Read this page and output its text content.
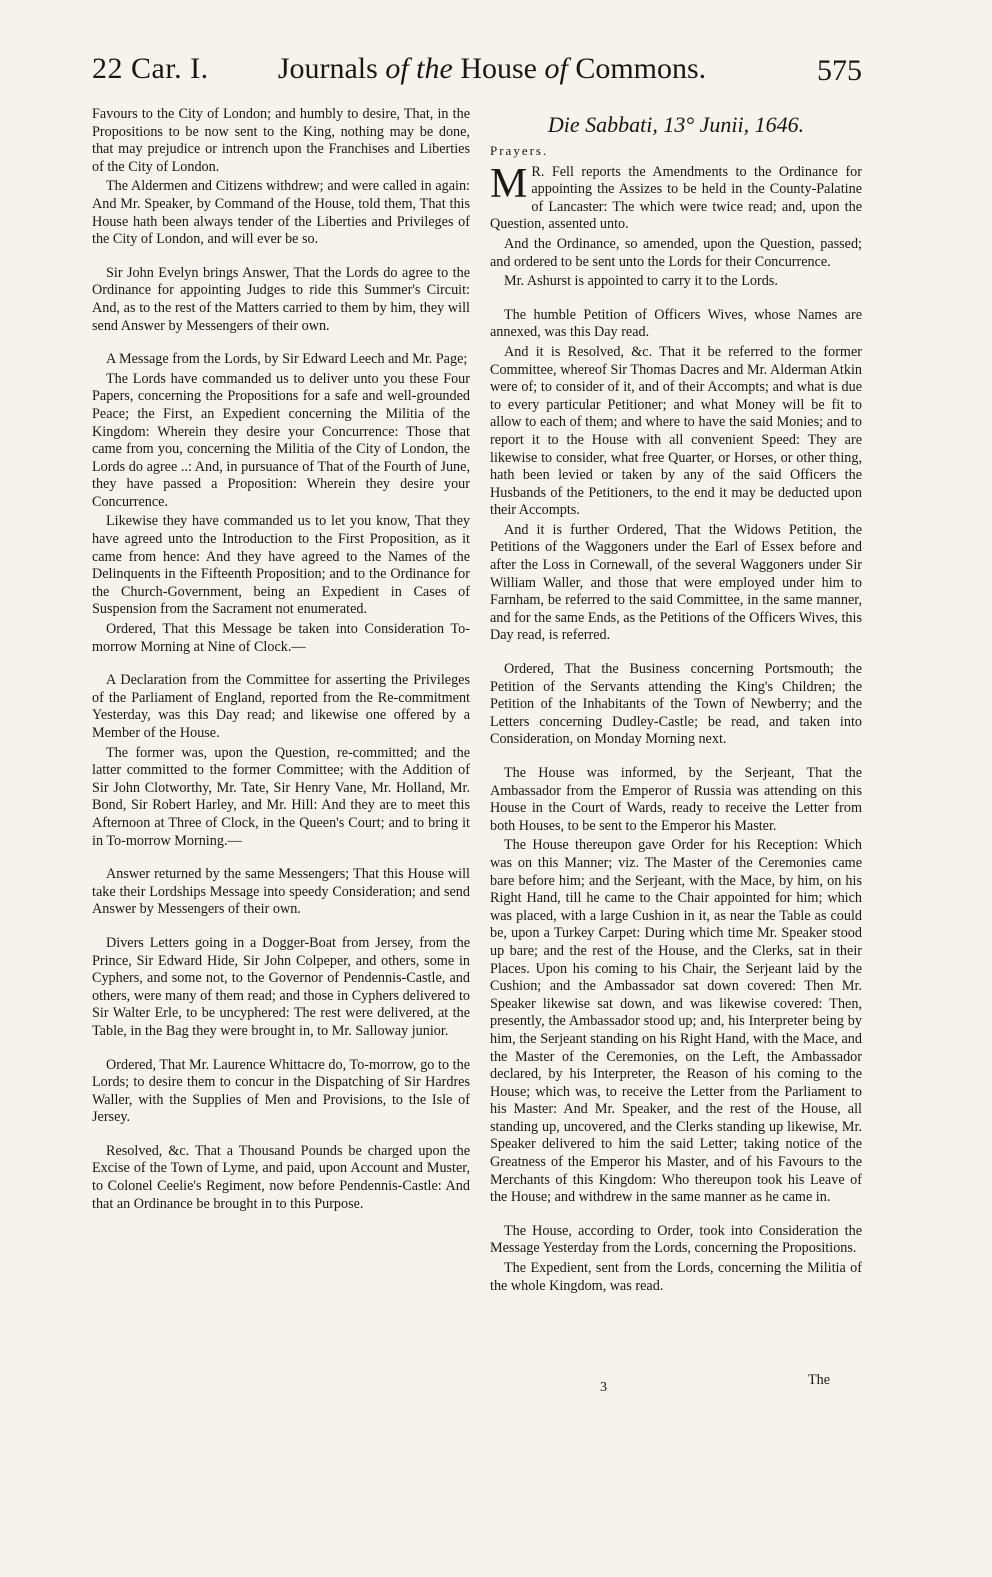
22 Car. I.	Journals of the House of Commons.	575

Favours to the City of London; and humbly to desire, That, in the Propositions to be now sent to the King, nothing may be done, that may prejudice or intrench upon the Franchises and Liberties of the City of London.

The Aldermen and Citizens withdrew; and were called in again: And Mr. Speaker, by Command of the House, told them, That this House hath been always tender of the Liberties and Privileges of the City of London, and will ever be so.

Sir John Evelyn brings Answer, That the Lords do agree to the Ordinance for appointing Judges to ride this Summer's Circuit: And, as to the rest of the Matters carried to them by him, they will send Answer by Messengers of their own.

A Message from the Lords, by Sir Edward Leech and Mr. Page;

The Lords have commanded us to deliver unto you these Four Papers, concerning the Propositions for a safe and well-grounded Peace; the First, an Expedient concerning the Militia of the Kingdom: Wherein they desire your Concurrence: Those that came from you, concerning the Militia of the City of London, the Lords do agree ..: And, in pursuance of That of the Fourth of June, they have passed a Proposition: Wherein they desire your Concurrence.

Likewise they have commanded us to let you know, That they have agreed unto the Introduction to the First Proposition, as it came from hence: And they have agreed to the Names of the Delinquents in the Fifteenth Proposition; and to the Ordinance for the Church-Government, being an Expedient in Cases of Suspension from the Sacrament not enumerated.

Ordered, That this Message be taken into Consideration To-morrow Morning at Nine of Clock.—

A Declaration from the Committee for asserting the Privileges of the Parliament of England, reported from the Re-commitment Yesterday, was this Day read; and likewise one offered by a Member of the House.

The former was, upon the Question, re-committed; and the latter committed to the former Committee; with the Addition of Sir John Clotworthy, Mr. Tate, Sir Henry Vane, Mr. Holland, Mr. Bond, Sir Robert Harley, and Mr. Hill: And they are to meet this Afternoon at Three of Clock, in the Queen's Court; and to bring it in To-morrow Morning.—

Answer returned by the same Messengers; That this House will take their Lordships Message into speedy Consideration; and send Answer by Messengers of their own.

Divers Letters going in a Dogger-Boat from Jersey, from the Prince, Sir Edward Hide, Sir John Colpeper, and others, some in Cyphers, and some not, to the Governor of Pendennis-Castle, and others, were many of them read; and those in Cyphers delivered to Sir Walter Erle, to be uncyphered: The rest were delivered, at the Table, in the Bag they were brought in, to Mr. Salloway junior.

Ordered, That Mr. Laurence Whittacre do, To-morrow, go to the Lords; to desire them to concur in the Dispatching of Sir Hardres Waller, with the Supplies of Men and Provisions, to the Isle of Jersey.

Resolved, &c. That a Thousand Pounds be charged upon the Excise of the Town of Lyme, and paid, upon Account and Muster, to Colonel Ceelie's Regiment, now before Pendennis-Castle: And that an Ordinance be brought in to this Purpose.

Die Sabbati, 13° Junii, 1646.
Prayers.

M R. Fell reports the Amendments to the Ordinance for appointing the Assizes to be held in the County-Palatine of Lancaster: The which were twice read; and, upon the Question, assented unto.

And the Ordinance, so amended, upon the Question, passed; and ordered to be sent unto the Lords for their Concurrence.

Mr. Ashurst is appointed to carry it to the Lords.

The humble Petition of Officers Wives, whose Names are annexed, was this Day read.

And it is Resolved, &c. That it be referred to the former Committee, whereof Sir Thomas Dacres and Mr. Alderman Atkin were of; to consider of it, and of their Accompts; and what is due to every particular Petitioner; and what Money will be fit to allow to each of them; and where to have the said Monies; and to report it to the House with all convenient Speed: They are likewise to consider, what free Quarter, or Horses, or other thing, hath been levied or taken by any of the said Officers the Husbands of the Petitioners, to the end it may be deducted upon their Accompts.

And it is further Ordered, That the Widows Petition, the Petitions of the Waggoners under the Earl of Essex before and after the Loss in Cornewall, of the several Waggoners under Sir William Waller, and those that were employed under him to Farnham, be referred to the said Committee, in the same manner, and for the same Ends, as the Petitions of the Officers Wives, this Day read, is referred.

Ordered, That the Business concerning Portsmouth; the Petition of the Servants attending the King's Children; the Petition of the Inhabitants of the Town of Newberry; and the Letters concerning Dudley-Castle; be read, and taken into Consideration, on Monday Morning next.

The House was informed, by the Serjeant, That the Ambassador from the Emperor of Russia was attending on this House in the Court of Wards, ready to receive the Letter from both Houses, to be sent to the Emperor his Master.

The House thereupon gave Order for his Reception: Which was on this Manner; viz. The Master of the Ceremonies came bare before him; and the Serjeant, with the Mace, by him, on his Right Hand, till he came to the Chair appointed for him; which was placed, with a large Cushion in it, as near the Table as could be, upon a Turkey Carpet: During which time Mr. Speaker stood up bare; and the rest of the House, and the Clerks, sat in their Places. Upon his coming to his Chair, the Serjeant laid by the Cushion; and the Ambassador sat down covered: Then Mr. Speaker likewise sat down, and was likewise covered: Then, presently, the Ambassador stood up; and, his Interpreter being by him, the Serjeant standing on his Right Hand, with the Mace, and the Master of the Ceremonies, on the Left, the Ambassador declared, by his Interpreter, the Reason of his coming to the House; which was, to receive the Letter from the Parliament to his Master: And Mr. Speaker, and the rest of the House, all standing up, uncovered, and the Clerks standing up likewise, Mr. Speaker delivered to him the said Letter; taking notice of the Greatness of the Emperor his Master, and of his Favours to the Merchants of this Kingdom: Who thereupon took his Leave of the House; and withdrew in the same manner as he came in.

The House, according to Order, took into Consideration the Message Yesterday from the Lords, concerning the Propositions.

The Expedient, sent from the Lords, concerning the Militia of the whole Kingdom, was read.

3	The
